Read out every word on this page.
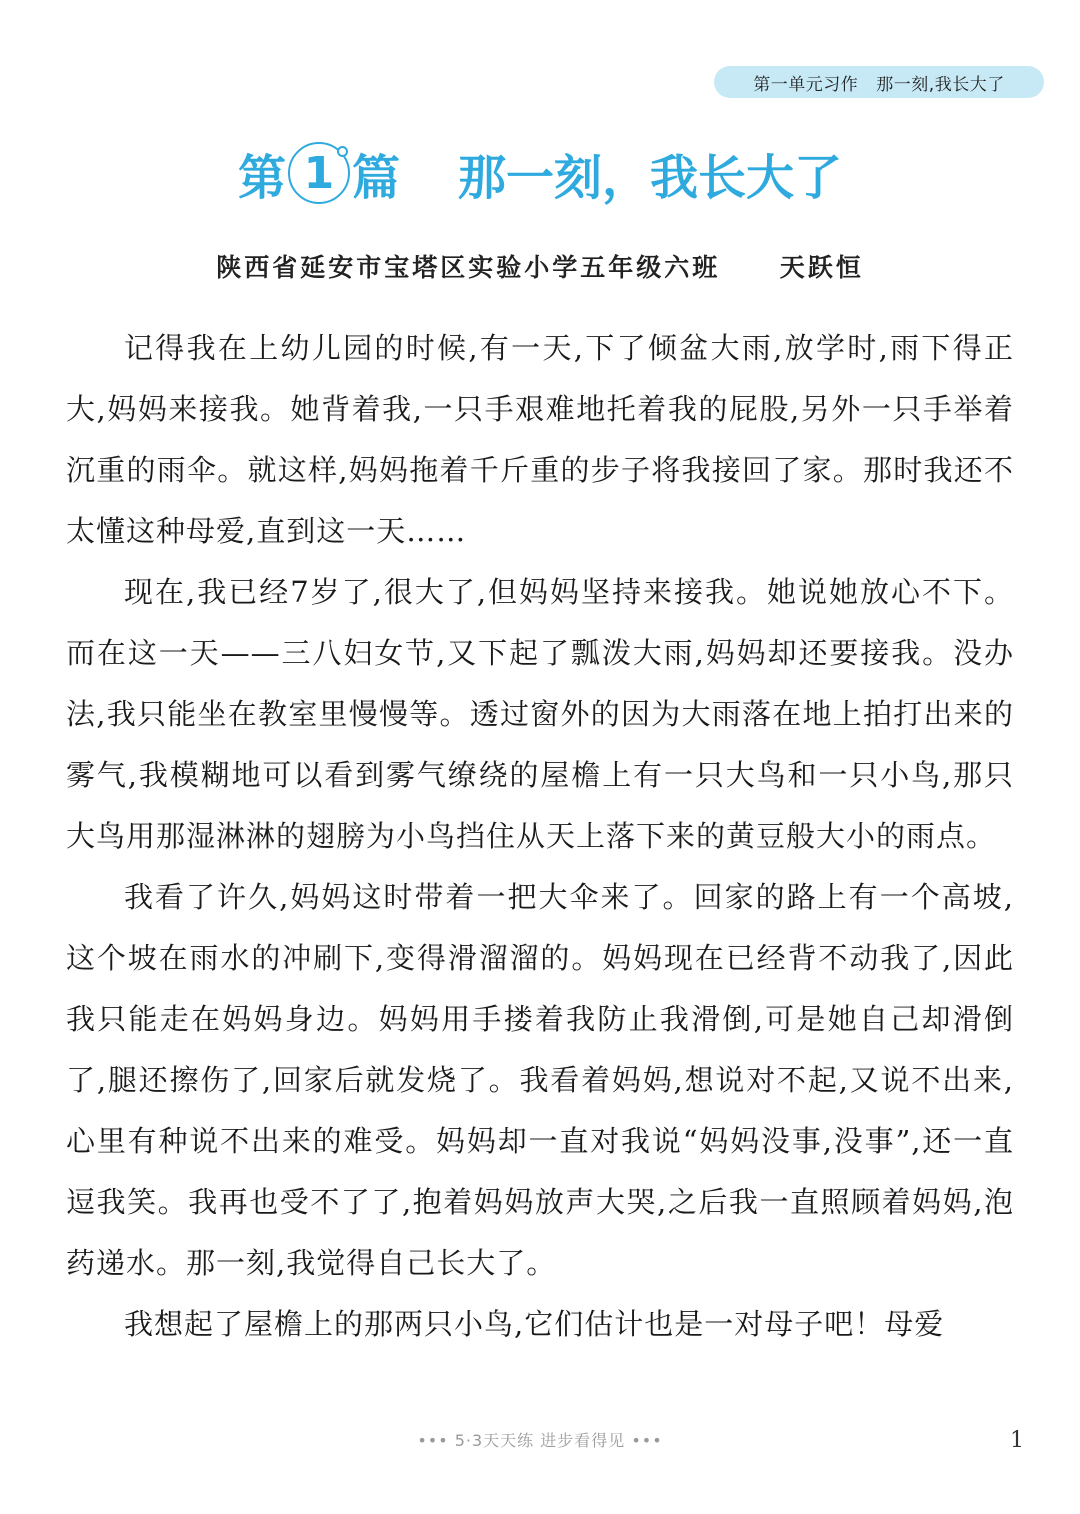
第一单元习作 那一刻,我长大了
第 1 篇 那一刻，我长大了
陕西省延安市宝塔区实验小学五年级六班 天跃恒

记得我在上幼儿园的时候,有一天,下了倾盆大雨,放学时,雨下得正大,妈妈来接我。她背着我,一只手艰难地托着我的屁股,另外一只手举着沉重的雨伞。就这样,妈妈拖着千斤重的步子将我接回了家。那时我还不太懂这种母爱,直到这一天……

现在,我已经7岁了,很大了,但妈妈坚持来接我。她说她放心不下。而在这一天——三八妇女节,又下起了瓢泼大雨,妈妈却还要接我。没办法,我只能坐在教室里慢慢等。透过窗外的因为大雨落在地上拍打出来的雾气,我模糊地可以看到雾气缭绕的屋檐上有一只大鸟和一只小鸟,那只大鸟用那湿淋淋的翅膀为小鸟挡住从天上落下来的黄豆般大小的雨点。

我看了许久,妈妈这时带着一把大伞来了。回家的路上有一个高坡,这个坡在雨水的冲刷下,变得滑溜溜的。妈妈现在已经背不动我了,因此我只能走在妈妈身边。妈妈用手搂着我防止我滑倒,可是她自己却滑倒了,腿还擦伤了,回家后就发烧了。我看着妈妈,想说对不起,又说不出来,心里有种说不出来的难受。妈妈却一直对我说“妈妈没事,没事”,还一直逗我笑。我再也受不了了,抱着妈妈放声大哭,之后我一直照顾着妈妈,泡药递水。那一刻,我觉得自己长大了。

我想起了屋檐上的那两只小鸟,它们估计也是一对母子吧！母爱

••• 5·3天天练 进步看得见 •••	1
